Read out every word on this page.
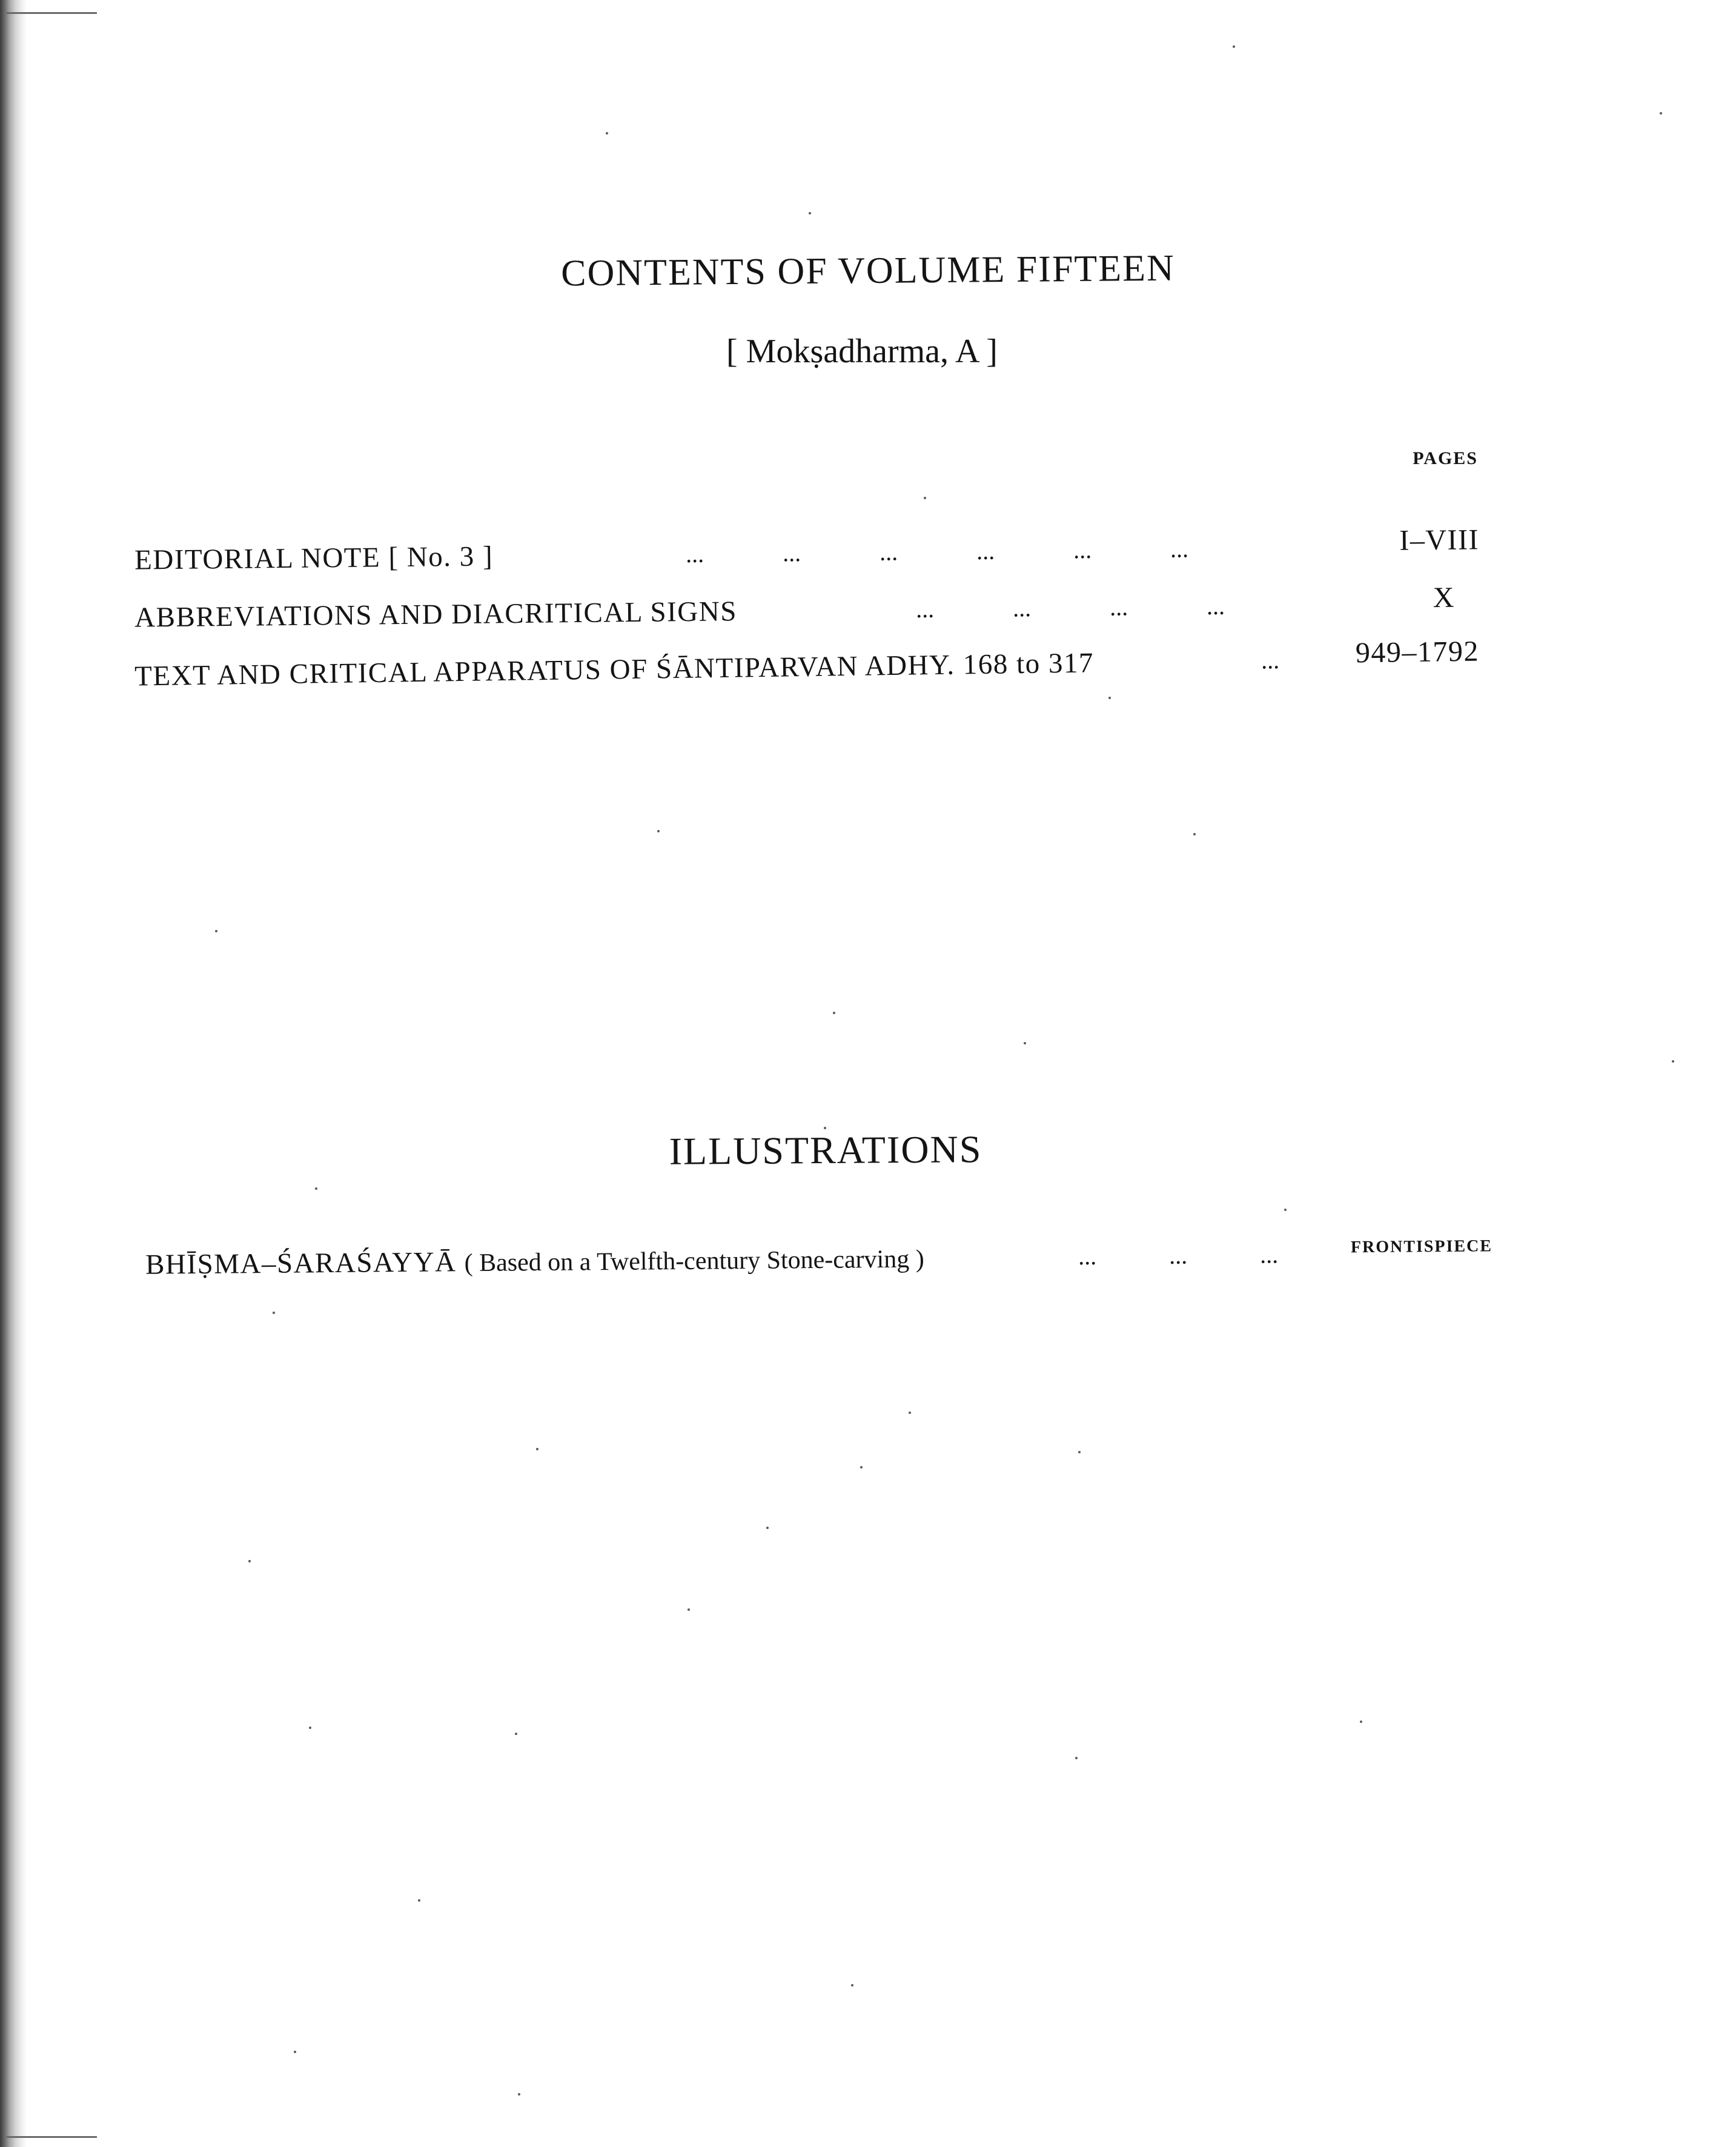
CONTENTS OF VOLUME FIFTEEN
[ Mokṣadharma, A ]
PAGES
EDITORIAL NOTE [ No. 3 ]	... ... ... ... ... ...	I–VIII
ABBREVIATIONS AND DIACRITICAL SIGNS	... ... ... ...	X
TEXT AND CRITICAL APPARATUS OF ŚĀNTIPARVAN ADHY. 168 to 317	...	949–1792
ILLUSTRATIONS
BHĪṢMA–ŚARAŚAYYĀ ( Based on a Twelfth-century Stone-carving )	... ... ...	FRONTISPIECE
